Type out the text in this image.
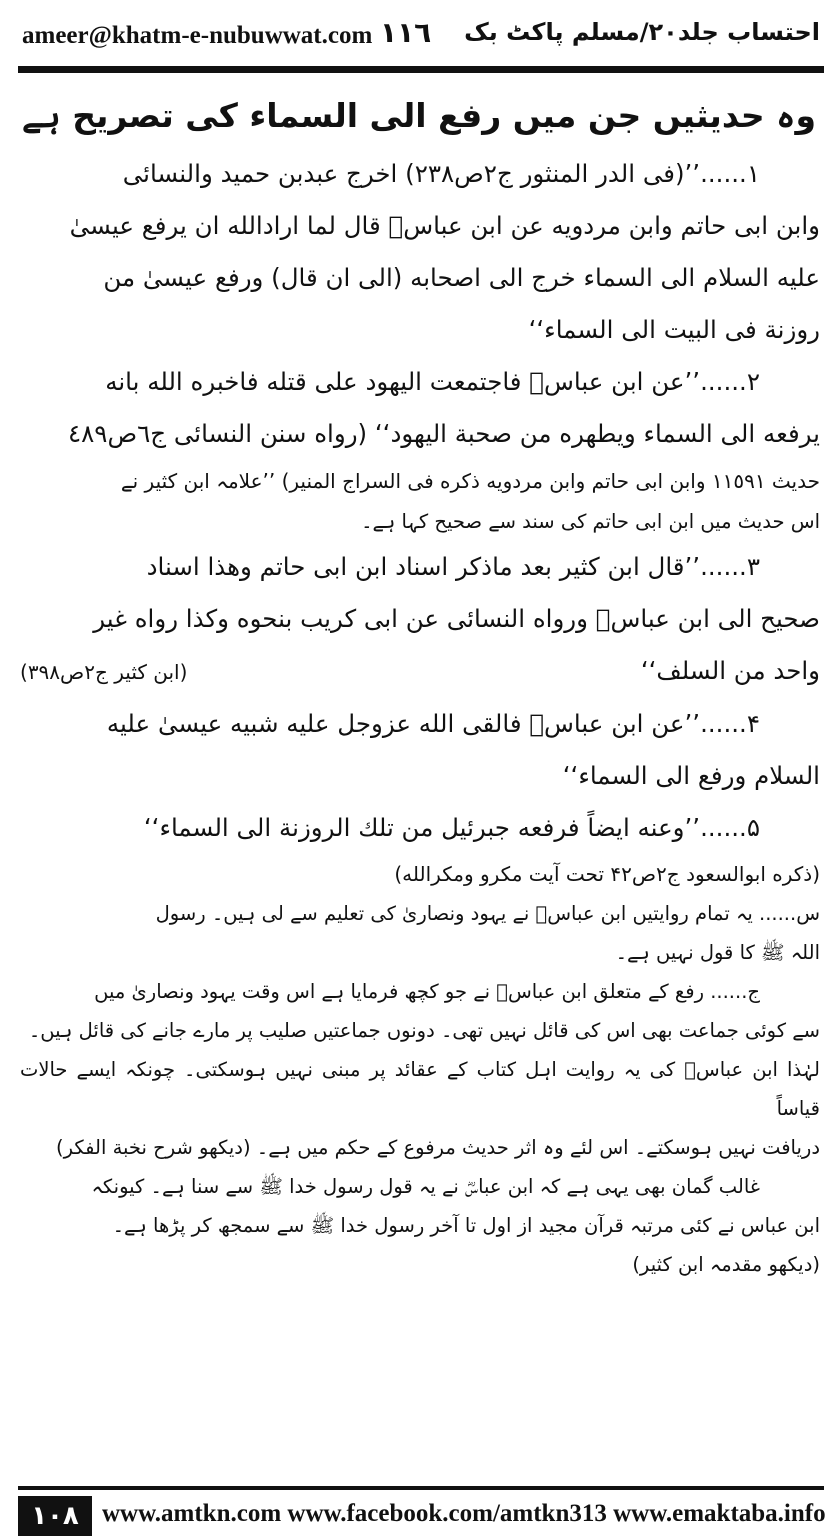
ameer@khatm-e-nubuwwat.com ١١٦ احتساب جلد۲۰/مسلم پاکٹ بک

وہ حدیثیں جن میں رفع الی السماء کی تصریح ہے

۱......’’(فی الدر المنثور ج۲ص۲۳۸) اخرج عبدبن حمید والنسائی

وابن ابی حاتم وابن مردویه عن ابن عباسؓ قال لما ارادالله ان یرفع عیسیٰ

علیه السلام الی السماء خرج الی اصحابه (الی ان قال) ورفع عیسیٰ من

روزنة فی البیت الی السماء‘‘

۲......’’عن ابن عباسؓ فاجتمعت الیهود علی قتله فاخبره الله بانه

یرفعه الی السماء ویطهره من صحبة الیهود‘‘ (رواه سنن النسائی ج٦ص٤٨٩

حدیث ١١٥٩١ وابن ابی حاتم وابن مردویه ذکره فی السراج المنیر) ’’علامہ ابن کثیر نے

اس حدیث میں ابن ابی حاتم کی سند سے صحیح کہا ہے۔

۳......’’قال ابن کثیر بعد ماذکر اسناد ابن ابی حاتم وهذا اسناد

صحیح الی ابن عباسؓ ورواه النسائی عن ابی کریب بنحوه وکذا رواه غیر

واحد من السلف‘‘
(ابن کثیر ج۲ص۳۹۸)

۴......’’عن ابن عباسؓ فالقی الله عزوجل علیه شبیه عیسیٰ علیه

السلام ورفع الی السماء‘‘

۵......’’وعنه ایضاً فرفعه جبرئیل من تلك الروزنة الی السماء‘‘

(ذکره ابوالسعود ج۲ص۴۲ تحت آیت مکرو ومکرالله)

س...... یہ تمام روایتیں ابن عباسؓ نے یہود ونصاریٰ کی تعلیم سے لی ہیں۔ رسول

اللہ ﷺ کا قول نہیں ہے۔

ج...... رفع کے متعلق ابن عباسؓ نے جو کچھ فرمایا ہے اس وقت یہود ونصاریٰ میں

سے کوئی جماعت بھی اس کی قائل نہیں تھی۔ دونوں جماعتیں صلیب پر مارے جانے کی قائل ہیں۔

لہٰذا ابن عباسؓ کی یہ روایت اہل کتاب کے عقائد پر مبنی نہیں ہوسکتی۔ چونکہ ایسے حالات قیاساً

دریافت نہیں ہوسکتے۔ اس لئے وہ اثر حدیث مرفوع کے حکم میں ہے۔ (دیکھو شرح نخبة الفکر)

غالب گمان بھی یہی ہے کہ ابن عباسؓ نے یہ قول رسول خدا ﷺ سے سنا ہے۔ کیونکہ

ابن عباس نے کئی مرتبہ قرآن مجید از اول تا آخر رسول خدا ﷺ سے سمجھ کر پڑھا ہے۔

(دیکھو مقدمہ ابن کثیر)

١٠٨ www.amtkn.com www.facebook.com/amtkn313 www.emaktaba.info
